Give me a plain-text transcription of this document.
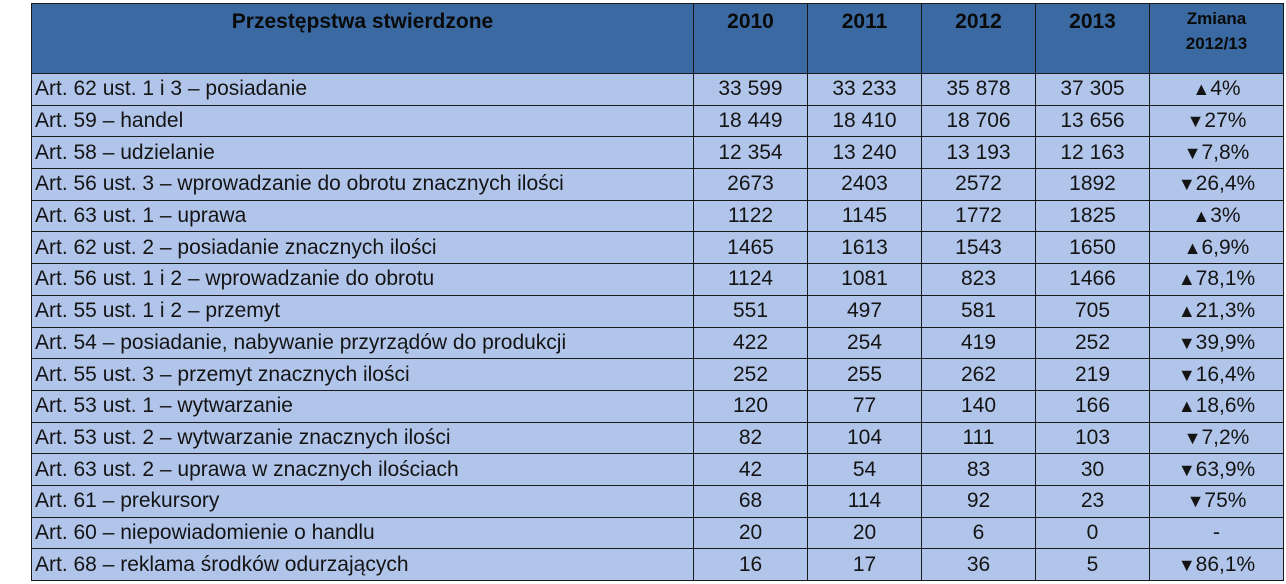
Przestępstwa stwierdzone	2010	2011	2012	2013	Zmiana
2012/13
Art. 62 ust. 1 i 3 – posiadanie	33 599	33 233	35 878	37 305	▲4%
Art. 59 – handel	18 449	18 410	18 706	13 656	▼27%
Art. 58 – udzielanie	12 354	13 240	13 193	12 163	▼7,8%
Art. 56 ust. 3 – wprowadzanie do obrotu znacznych ilości	2673	2403	2572	1892	▼26,4%
Art. 63 ust. 1 – uprawa	1122	1145	1772	1825	▲3%
Art. 62 ust. 2 – posiadanie znacznych ilości	1465	1613	1543	1650	▲6,9%
Art. 56 ust. 1 i 2 – wprowadzanie do obrotu	1124	1081	823	1466	▲78,1%
Art. 55 ust. 1 i 2 – przemyt	551	497	581	705	▲21,3%
Art. 54 – posiadanie, nabywanie przyrządów do produkcji	422	254	419	252	▼39,9%
Art. 55 ust. 3 – przemyt znacznych ilości	252	255	262	219	▼16,4%
Art. 53 ust. 1 – wytwarzanie	120	77	140	166	▲18,6%
Art. 53 ust. 2 – wytwarzanie znacznych ilości	82	104	111	103	▼7,2%
Art. 63 ust. 2 – uprawa w znacznych ilościach	42	54	83	30	▼63,9%
Art. 61 – prekursory	68	114	92	23	▼75%
Art. 60 – niepowiadomienie o handlu	20	20	6	0	-
Art. 68 – reklama środków odurzających	16	17	36	5	▼86,1%
